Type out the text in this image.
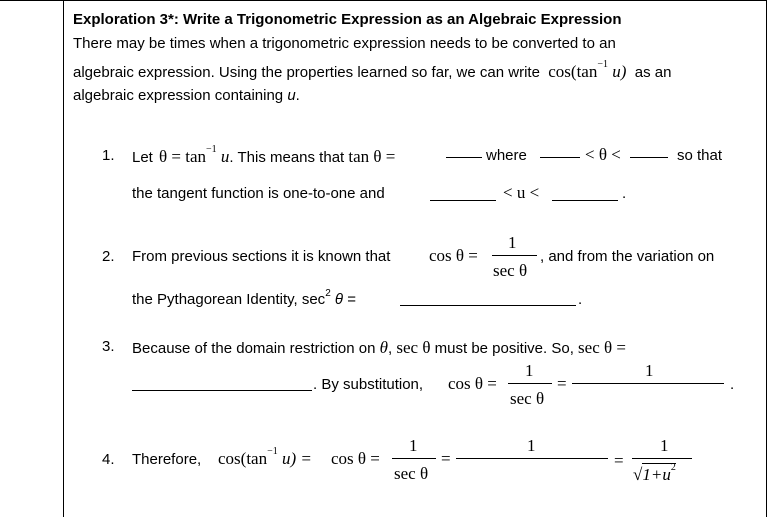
Exploration 3*: Write a Trigonometric Expression as an Algebraic Expression
There may be times when a trigonometric expression needs to be converted to an
algebraic expression. Using the properties learned so far, we can write $\cos(\tan^{-1}$ u) as an
algebraic expression containing u.
1. Let $\theta = \tan^{-1} u$. This means that tan θ =	where	< θ <	so that
the tangent function is one-to-one and	< u <	.
2. From previous sections it is known that cos θ =
1
sec θ
, and from the variation on
the Pythagorean Identity, $\sec^2 \theta$ =	.
3. Because of the domain restriction on θ, sec θ must be positive. So, sec θ =
. By substitution, cos θ =
1
sec θ
=
1
.
4. Therefore, $\cos(\tan^{-1}$ u) = cos θ =
1
sec θ
=
1
=
1
$√1+u^2$
